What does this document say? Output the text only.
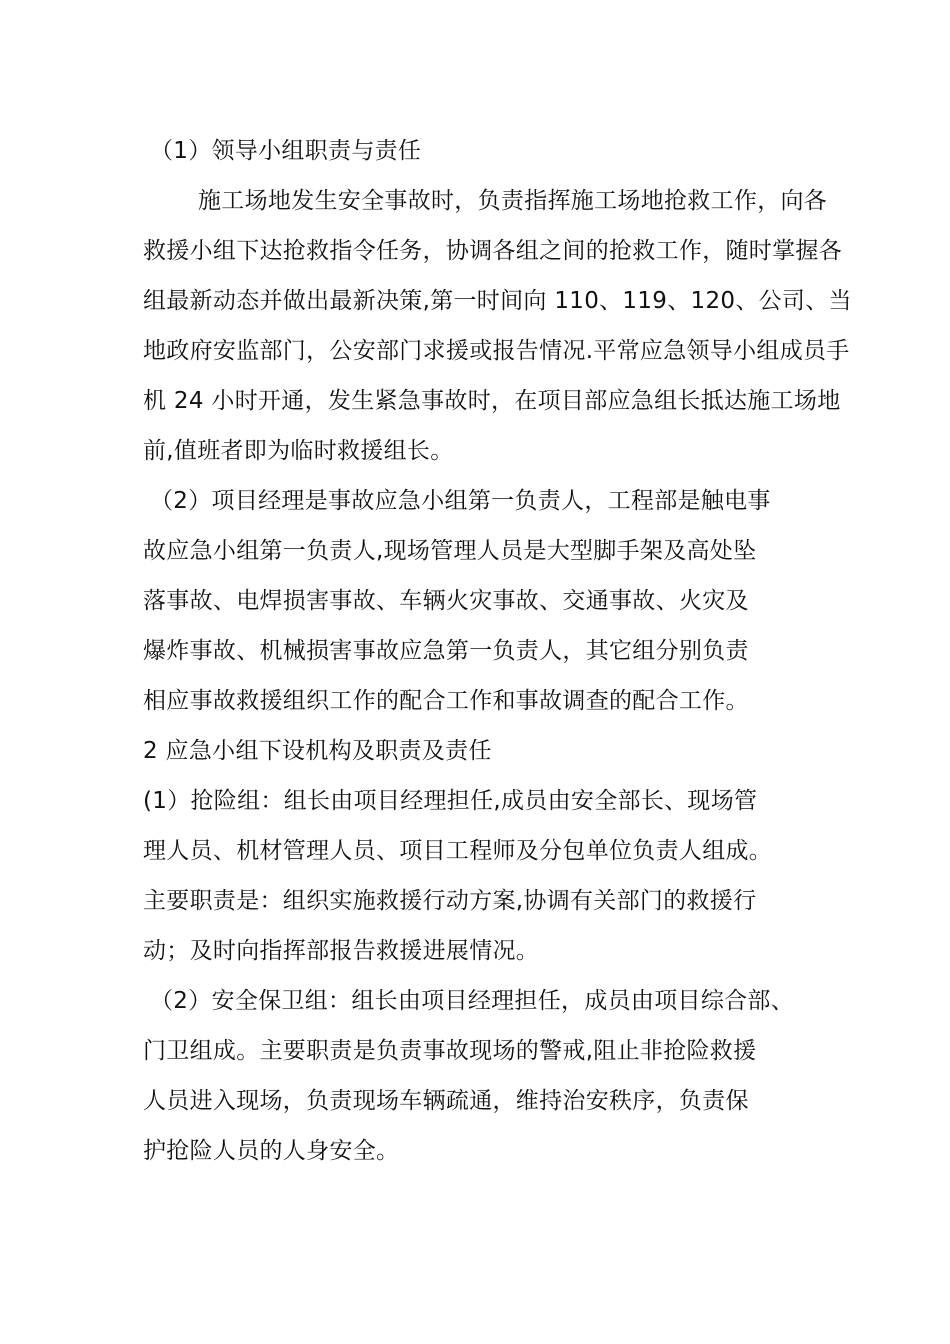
（1）领导小组职责与责任
施工场地发生安全事故时，负责指挥施工场地抢救工作，向各
救援小组下达抢救指令任务，协调各组之间的抢救工作，随时掌握各
组最新动态并做出最新决策,第一时间向 110、119、120、公司、当
地政府安监部门，公安部门求援或报告情况.平常应急领导小组成员手
机 24 小时开通，发生紧急事故时，在项目部应急组长抵达施工场地
前,值班者即为临时救援组长。
（2）项目经理是事故应急小组第一负责人，工程部是触电事
故应急小组第一负责人,现场管理人员是大型脚手架及高处坠
落事故、电焊损害事故、车辆火灾事故、交通事故、火灾及
爆炸事故、机械损害事故应急第一负责人，其它组分别负责
相应事故救援组织工作的配合工作和事故调查的配合工作。
2 应急小组下设机构及职责及责任
(1）抢险组：组长由项目经理担任,成员由安全部长、现场管
理人员、机材管理人员、项目工程师及分包单位负责人组成。
主要职责是：组织实施救援行动方案,协调有关部门的救援行
动；及时向指挥部报告救援进展情况。
（2）安全保卫组：组长由项目经理担任，成员由项目综合部、
门卫组成。主要职责是负责事故现场的警戒,阻止非抢险救援
人员进入现场，负责现场车辆疏通，维持治安秩序，负责保
护抢险人员的人身安全。
